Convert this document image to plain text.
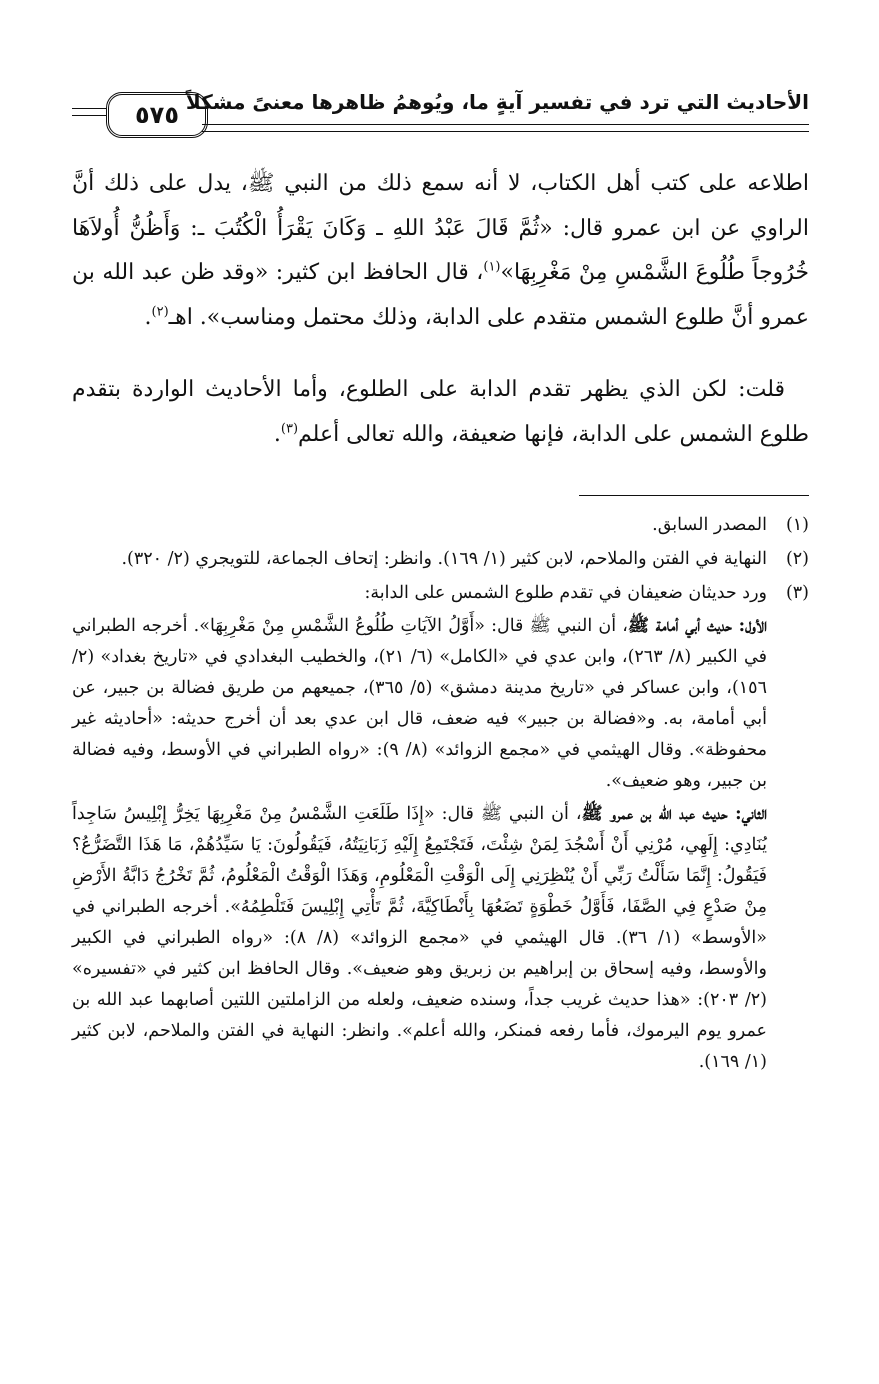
الأحاديث التي ترد في تفسير آيةٍ ما، ويُوهمُ ظاهرها معنىً مشكلاً
٥٧٥

اطلاعه على كتب أهل الكتاب، لا أنه سمع ذلك من النبي ﷺ، يدل على ذلك أنَّ الراوي عن ابن عمرو قال: «ثُمَّ قَالَ عَبْدُ اللهِ ـ وَكَانَ يَقْرَأُ الْكُتُبَ ـ: وَأَظُنُّ أُولاَهَا خُرُوجاً طُلُوعَ الشَّمْسِ مِنْ مَغْرِبِهَا»$^{(١)}$، قال الحافظ ابن كثير: «وقد ظن عبد الله بن عمرو أنَّ طلوع الشمس متقدم على الدابة، وذلك محتمل ومناسب». اهـ$^{(٢)}$.

قلت: لكن الذي يظهر تقدم الدابة على الطلوع، وأما الأحاديث الواردة بتقدم طلوع الشمس على الدابة، فإنها ضعيفة، والله تعالى أعلم$^{(٣)}$.

(١)

المصدر السابق.

(٢)

النهاية في الفتن والملاحم، لابن كثير (١/ ١٦٩). وانظر: إتحاف الجماعة، للتويجري (٢/ ٣٢٠).

(٣)

ورد حديثان ضعيفان في تقدم طلوع الشمس على الدابة:

الأول: حديث أبي أمامة ﷺ، أن النبي ﷺ قال: «أَوَّلُ الآيَاتِ طُلُوعُ الشَّمْسِ مِنْ مَغْرِبِهَا». أخرجه الطبراني في الكبير (٨/ ٢٦٣)، وابن عدي في «الكامل» (٦/ ٢١)، والخطيب البغدادي في «تاريخ بغداد» (٢/ ١٥٦)، وابن عساكر في «تاريخ مدينة دمشق» (٥/ ٣٦٥)، جميعهم من طريق فضالة بن جبير، عن أبي أمامة، به. و«فضالة بن جبير» فيه ضعف، قال ابن عدي بعد أن أخرج حديثه: «أحاديثه غير محفوظة». وقال الهيثمي في «مجمع الزوائد» (٨/ ٩): «رواه الطبراني في الأوسط، وفيه فضالة بن جبير، وهو ضعيف».

الثاني: حديث عبد الله بن عمرو ﷺ، أن النبي ﷺ قال: «إِذَا طَلَعَتِ الشَّمْسُ مِنْ مَغْرِبِهَا يَخِرُّ إِبْلِيسُ سَاجِداً يُنَادِي: إِلَهِي، مُرْنِي أَنْ أَسْجُدَ لِمَنْ شِئْتَ، فَتَجْتَمِعُ إِلَيْهِ زَبَانِيَتُهُ، فَيَقُولُونَ: يَا سَيِّدُهُمْ، مَا هَذَا التَّضَرُّعُ؟ فَيَقُولُ: إِنَّمَا سَأَلْتُ رَبِّي أَنْ يُنْظِرَنِي إِلَى الْوَقْتِ الْمَعْلُومِ، وَهَذَا الْوَقْتُ الْمَعْلُومُ، ثُمَّ تَخْرُجُ دَابَّةُ الأَرْضِ مِنْ صَدْعٍ فِي الصَّفَا، فَأَوَّلُ خَطْوَةٍ تَضَعُهَا بِأَنْطَاكِيَّةَ، ثُمَّ تَأْتِي إِبْلِيسَ فَتَلْطِمُهُ». أخرجه الطبراني في «الأوسط» (١/ ٣٦). قال الهيثمي في «مجمع الزوائد» (٨/ ٨): «رواه الطبراني في الكبير والأوسط، وفيه إسحاق بن إبراهيم بن زبريق وهو ضعيف». وقال الحافظ ابن كثير في «تفسيره» (٢/ ٢٠٣): «هذا حديث غريب جداً، وسنده ضعيف، ولعله من الزاملتين اللتين أصابهما عبد الله بن عمرو يوم اليرموك، فأما رفعه فمنكر، والله أعلم». وانظر: النهاية في الفتن والملاحم، لابن كثير (١/ ١٦٩).
